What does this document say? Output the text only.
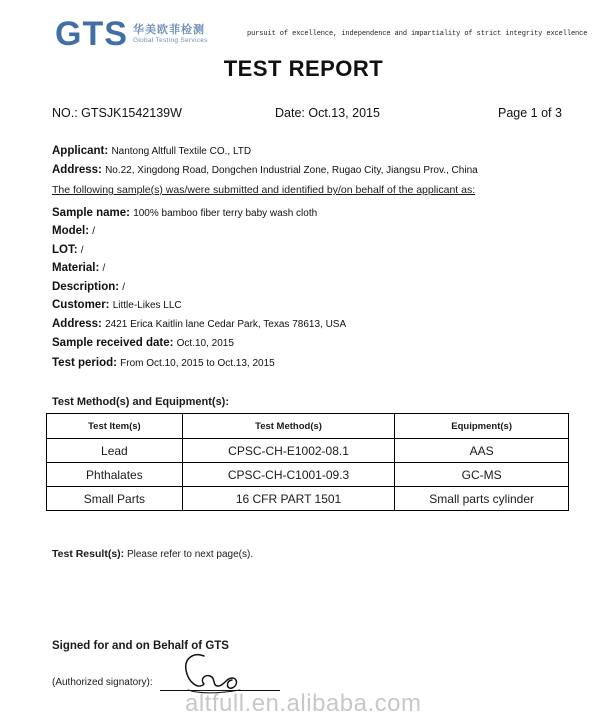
GTS 华美欧菲检测
Global Testing Services
pursuit of excellence, independence and impartiality of strict integrity excellence
TEST REPORT
NO.: GTSJK1542139W	Date: Oct.13, 2015	Page 1 of 3
Applicant: Nantong Altfull Textile CO., LTD
Address: No.22, Xingdong Road, Dongchen Industrial Zone, Rugao City, Jiangsu Prov., China
The following sample(s) was/were submitted and identified by/on behalf of the applicant as:
Sample name: 100% bamboo fiber terry baby wash cloth
Model: /
LOT: /
Material: /
Description: /
Customer: Little-Likes LLC
Address: 2421 Erica Kaitlin lane Cedar Park, Texas 78613, USA
Sample received date: Oct.10, 2015
Test period: From Oct.10, 2015 to Oct.13, 2015
Test Method(s) and Equipment(s):
Test Item(s)	Test Method(s)	Equipment(s)
Lead	CPSC-CH-E1002-08.1	AAS
Phthalates	CPSC-CH-C1001-09.3	GC-MS
Small Parts	16 CFR PART 1501	Small parts cylinder
Test Result(s): Please refer to next page(s).
Signed for and on Behalf of GTS
(Authorized signatory):
altfull.en.alibaba.com
